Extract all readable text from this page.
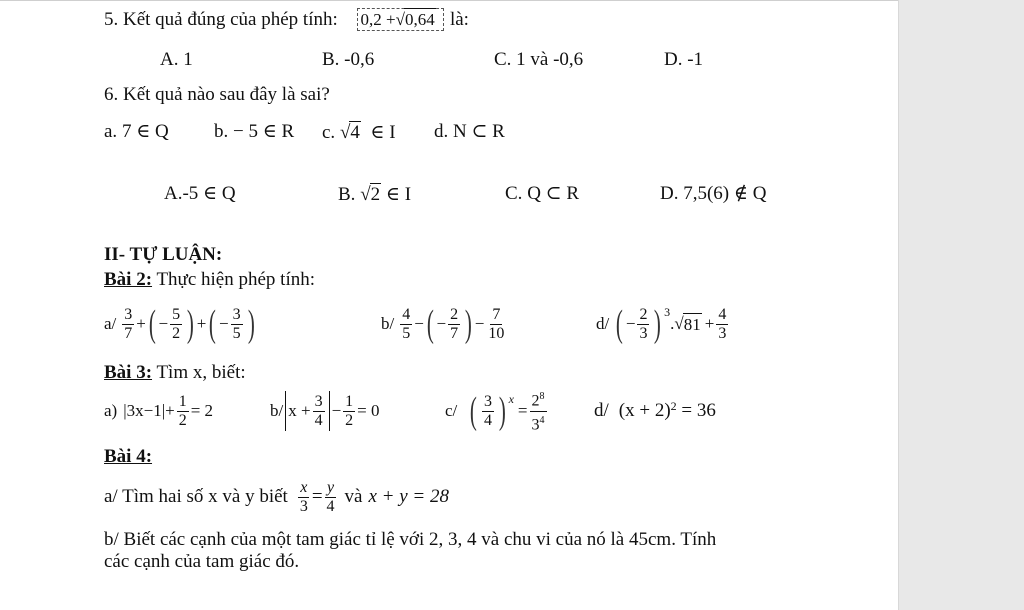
5. Kết quả đúng của phép tính: 0,2 +√0,64 là:
A. 1	B. -0,6	C. 1 và -0,6	D. -1
6. Kết quả nào sau đây là sai?
a. 7 ∈ Q b. − 5 ∈ R c. √4 ∈ I d. N ⊂ R
A.-5 ∈ Q	B. √2 ∈ I	C. Q ⊂ R	D. 7,5(6) ∉ Q
II- TỰ LUẬN:
Bài 2: Thực hiện phép tính:
$a/ \frac{3}{7}$ + ( − $\frac{5}{2}$ ) + ( − $\frac{3}{5}$ )	$b/ \frac{4}{5}$ − ( − $\frac{2}{7}$ ) − $\frac{7}{10}$	d/ ( − $\frac{2}{3}$ ) 3
. √ $81 + \frac{4}{3}$
Bài 3: Tìm x, biết:
a) | 3x−1 | + $\frac{1}{2} = 2$	b/ $x + \frac{3}{4} - \frac{1}{2} = 0$	c/ ( $\frac{3}{4}$ ) x
= $\frac{2^8}{3^4} d/$ (x + 2) 2 = 36
Bài 4:
a/ Tìm hai số x và y biết $\frac{x}{3} = \frac{y}{4}$ và x + y = 28
b/ Biết các cạnh của một tam giác tỉ lệ với 2, 3, 4 và chu vi của nó là 45cm. Tính
các cạnh của tam giác đó.
